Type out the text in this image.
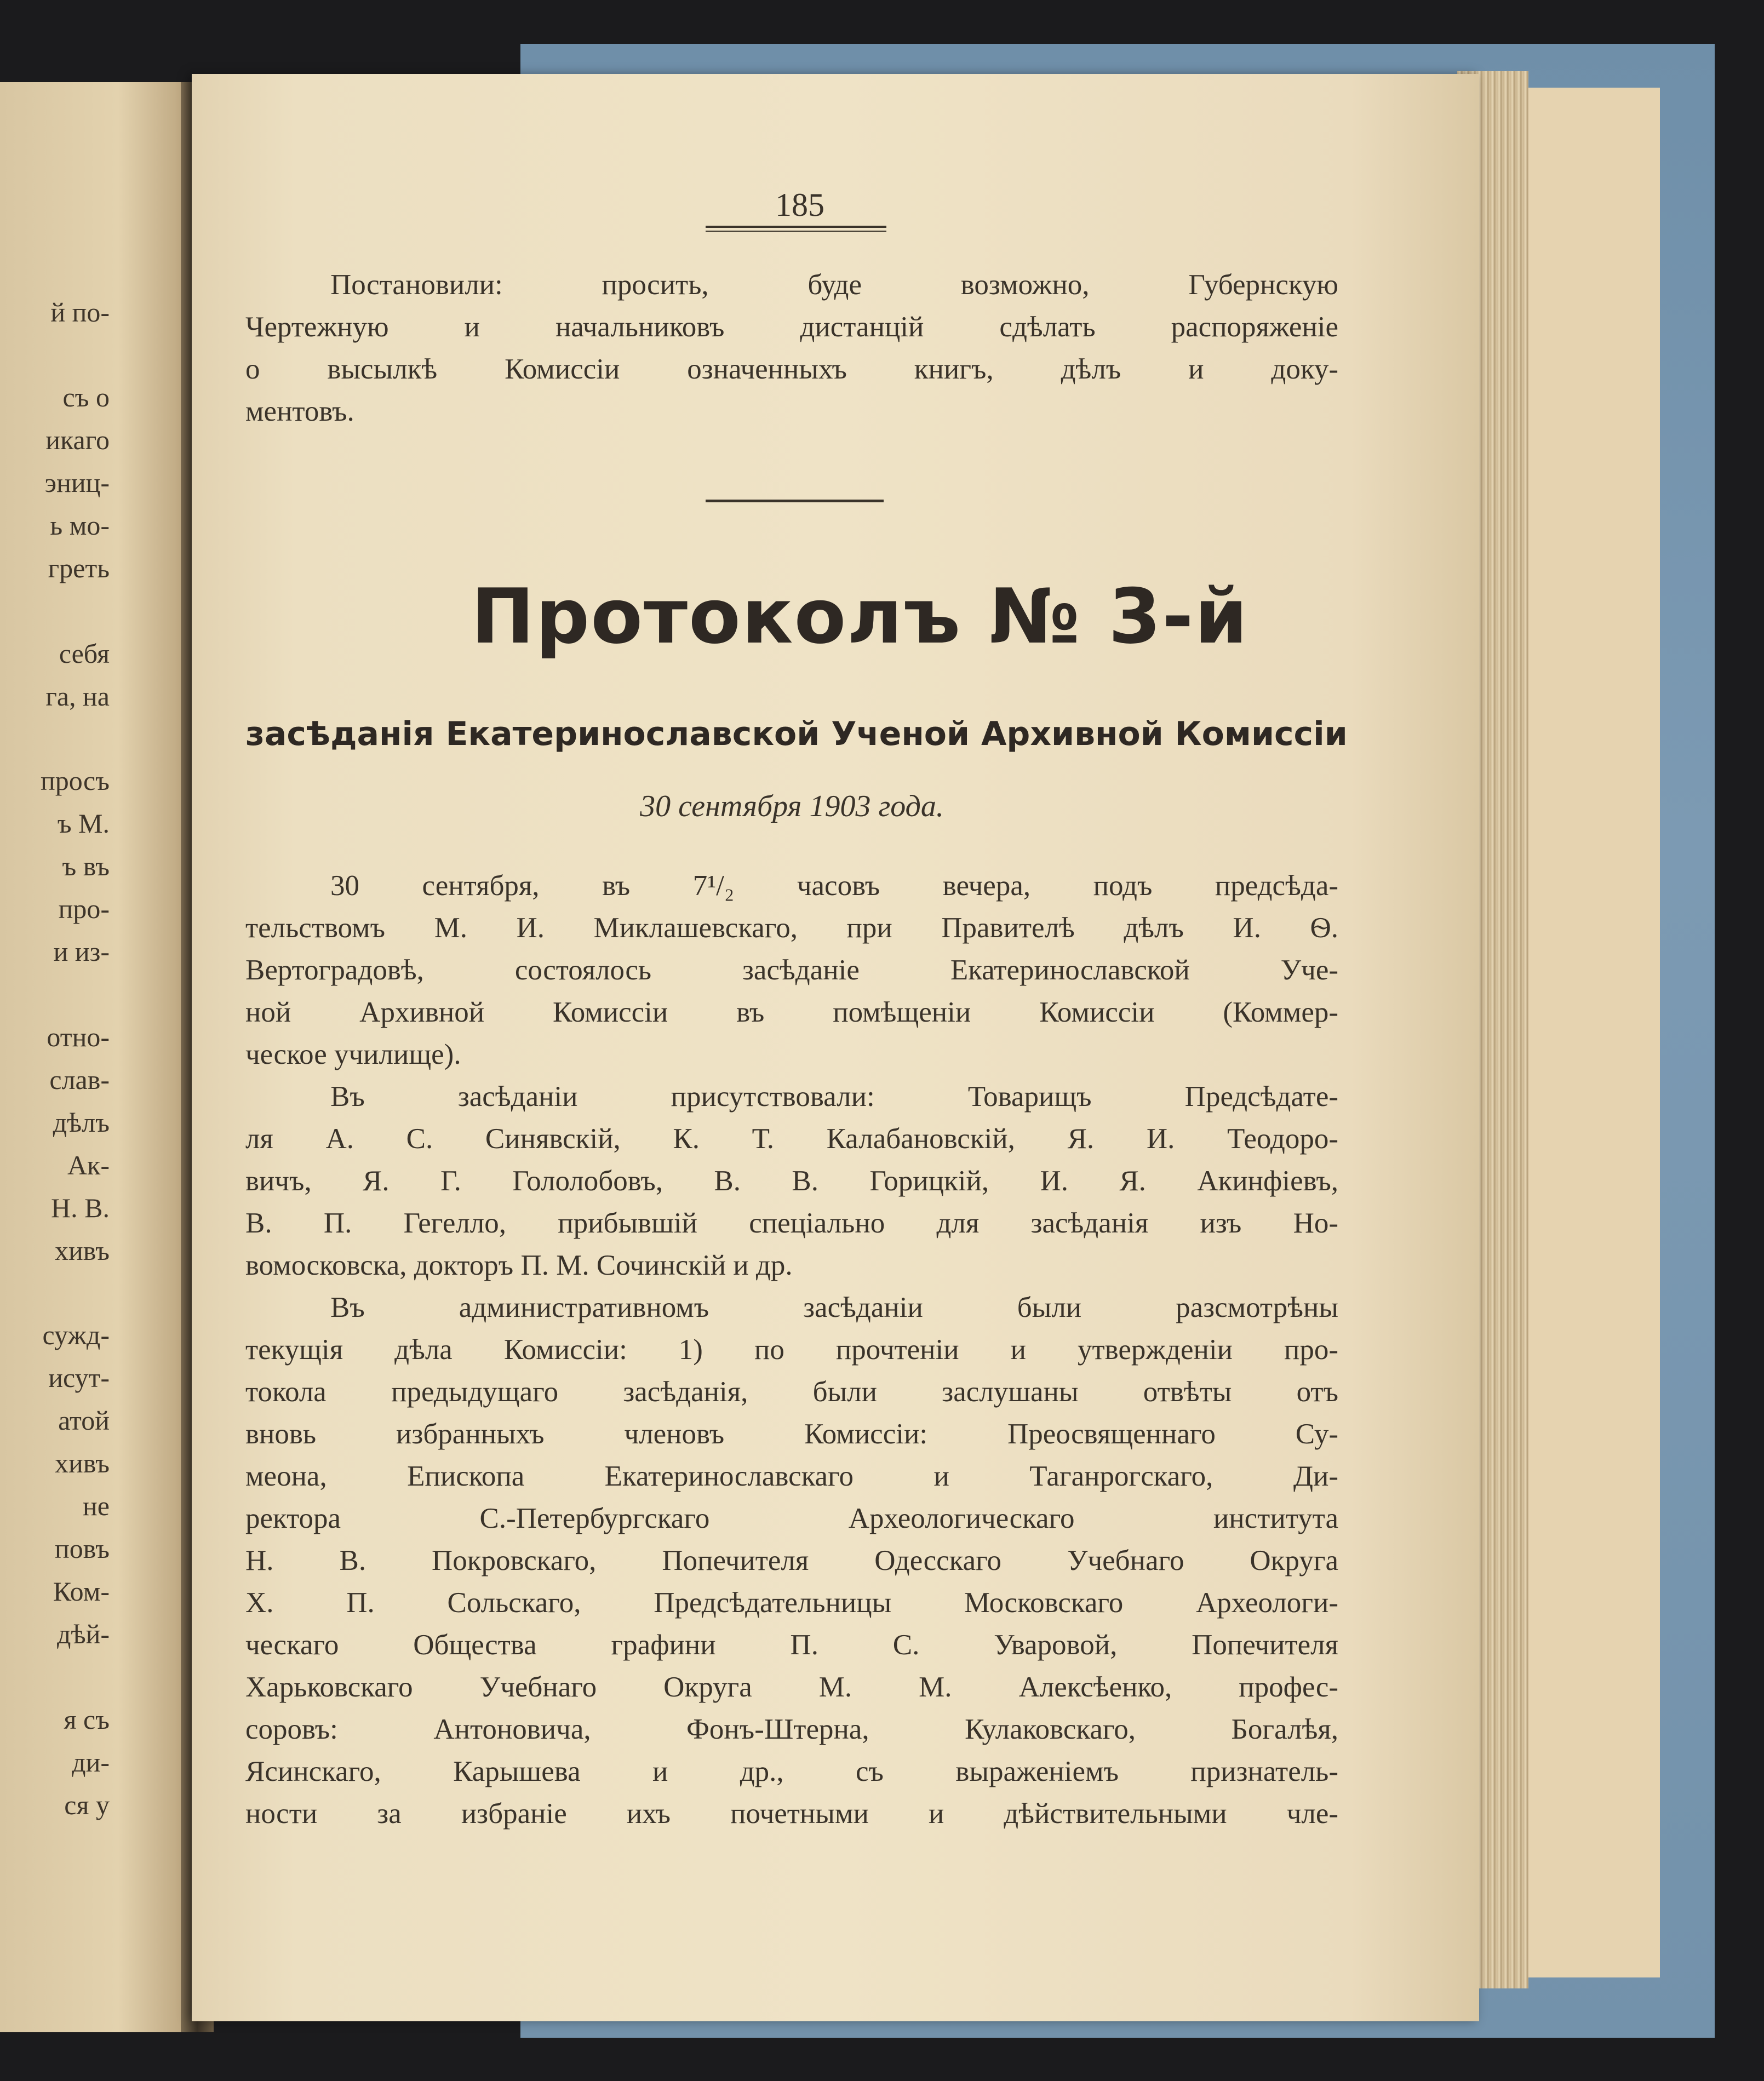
й по-
съ о
икаго
эниц-
ь мо-
греть
себя
га, на
просъ
ъ М.
ъ въ
про-
и из-
отно-
слав-
дѣлъ
Ак-
Н. В.
хивъ
сужд-
исут-
атой
хивъ
не
повъ
Ком-
дѣй-
я съ
ди-
ся у
185
Постановили: просить, буде возможно, Губернскую
Чертежную и начальниковъ дистанцій сдѣлать распоряженіе
о высылкѣ Комиссіи означенныхъ книгъ, дѣлъ и доку-
ментовъ.
Протоколъ № 3-й
засѣданія Екатеринославской Ученой Архивной Комиссіи
30 сентября 1903 года.
30 сентября, въ 7¹/₂ часовъ вечера, подъ предсѣда-
тельствомъ М. И. Миклашевскаго, при Правителѣ дѣлъ И. Ѳ.
Вертоградовѣ, состоялось засѣданіе Екатеринославской Уче-
ной Архивной Комиссіи въ помѣщеніи Комиссіи (Коммер-
ческое училище).
Въ засѣданіи присутствовали: Товарищъ Предсѣдате-
ля А. С. Синявскій, К. Т. Калабановскій, Я. И. Теодоро-
вичъ, Я. Г. Гололобовъ, В. В. Горицкій, И. Я. Акинфіевъ,
В. П. Гегелло, прибывшій спеціально для засѣданія изъ Но-
вомосковска, докторъ П. М. Сочинскій и др.
Въ административномъ засѣданіи были разсмотрѣны
текущія дѣла Комиссіи: 1) по прочтеніи и утвержденіи про-
токола предыдущаго засѣданія, были заслушаны отвѣты отъ
вновь избранныхъ членовъ Комиссіи: Преосвященнаго Су-
меона, Епископа Екатеринославскаго и Таганрогскаго, Ди-
ректора С.-Петербургскаго Археологическаго института
Н. В. Покровскаго, Попечителя Одесскаго Учебнаго Округа
Х. П. Сольскаго, Предсѣдательницы Московскаго Археологи-
ческаго Общества графини П. С. Уваровой, Попечителя
Харьковскаго Учебнаго Округа М. М. Алексѣенко, профес-
соровъ: Антоновича, Фонъ-Штерна, Кулаковскаго, Богалѣя,
Ясинскаго, Карышева и др., съ выраженіемъ признатель-
ности за избраніе ихъ почетными и дѣйствительными чле-
